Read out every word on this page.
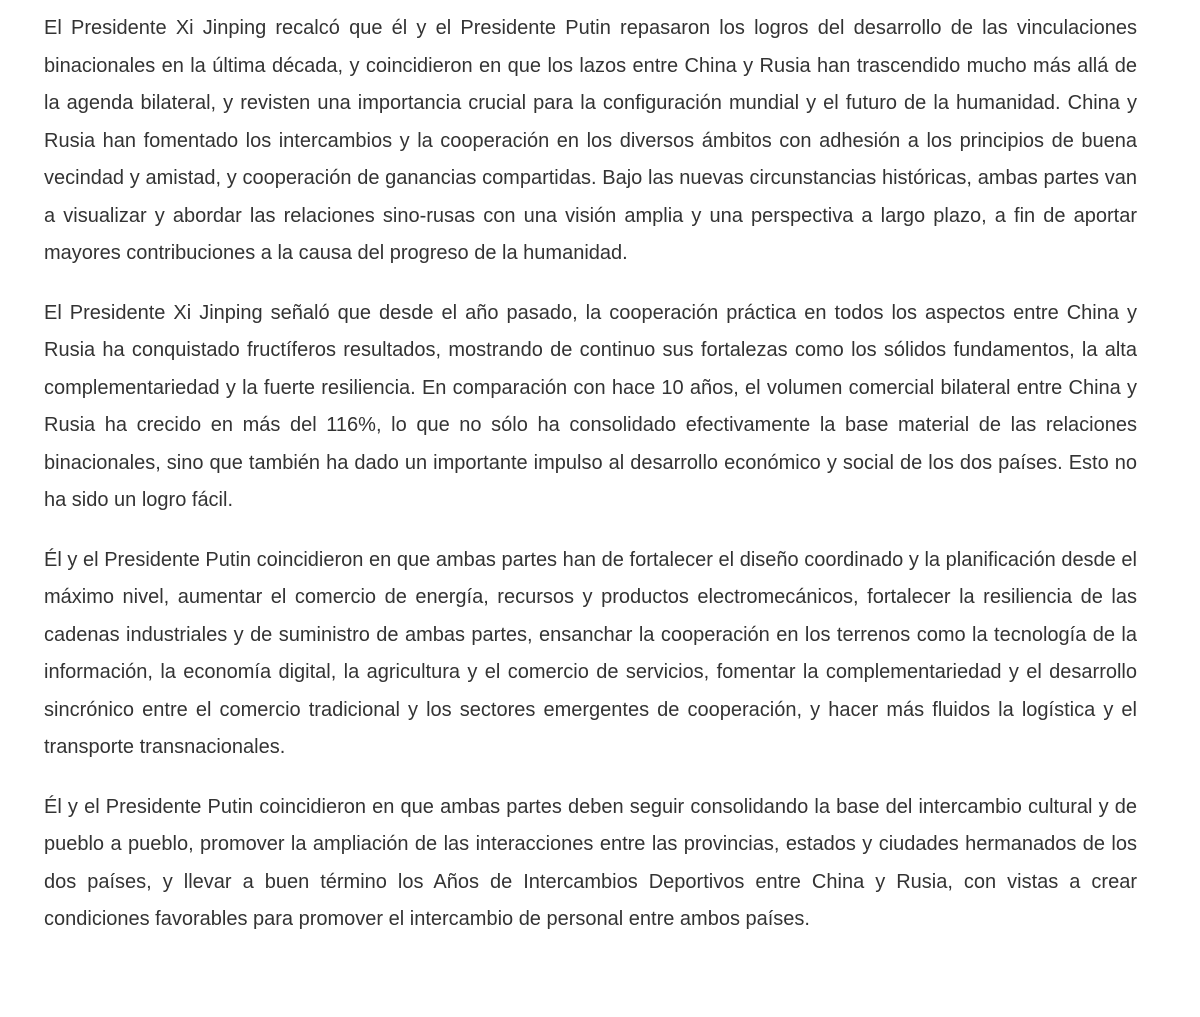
El Presidente Xi Jinping recalcó que él y el Presidente Putin repasaron los logros del desarrollo de las vinculaciones binacionales en la última década, y coincidieron en que los lazos entre China y Rusia han trascendido mucho más allá de la agenda bilateral, y revisten una importancia crucial para la configuración mundial y el futuro de la humanidad. China y Rusia han fomentado los intercambios y la cooperación en los diversos ámbitos con adhesión a los principios de buena vecindad y amistad, y cooperación de ganancias compartidas. Bajo las nuevas circunstancias históricas, ambas partes van a visualizar y abordar las relaciones sino-rusas con una visión amplia y una perspectiva a largo plazo, a fin de aportar mayores contribuciones a la causa del progreso de la humanidad.

El Presidente Xi Jinping señaló que desde el año pasado, la cooperación práctica en todos los aspectos entre China y Rusia ha conquistado fructíferos resultados, mostrando de continuo sus fortalezas como los sólidos fundamentos, la alta complementariedad y la fuerte resiliencia. En comparación con hace 10 años, el volumen comercial bilateral entre China y Rusia ha crecido en más del 116%, lo que no sólo ha consolidado efectivamente la base material de las relaciones binacionales, sino que también ha dado un importante impulso al desarrollo económico y social de los dos países. Esto no ha sido un logro fácil.

Él y el Presidente Putin coincidieron en que ambas partes han de fortalecer el diseño coordinado y la planificación desde el máximo nivel, aumentar el comercio de energía, recursos y productos electromecánicos, fortalecer la resiliencia de las cadenas industriales y de suministro de ambas partes, ensanchar la cooperación en los terrenos como la tecnología de la información, la economía digital, la agricultura y el comercio de servicios, fomentar la complementariedad y el desarrollo sincrónico entre el comercio tradicional y los sectores emergentes de cooperación, y hacer más fluidos la logística y el transporte transnacionales.

Él y el Presidente Putin coincidieron en que ambas partes deben seguir consolidando la base del intercambio cultural y de pueblo a pueblo, promover la ampliación de las interacciones entre las provincias, estados y ciudades hermanados de los dos países, y llevar a buen término los Años de Intercambios Deportivos entre China y Rusia, con vistas a crear condiciones favorables para promover el intercambio de personal entre ambos países.
